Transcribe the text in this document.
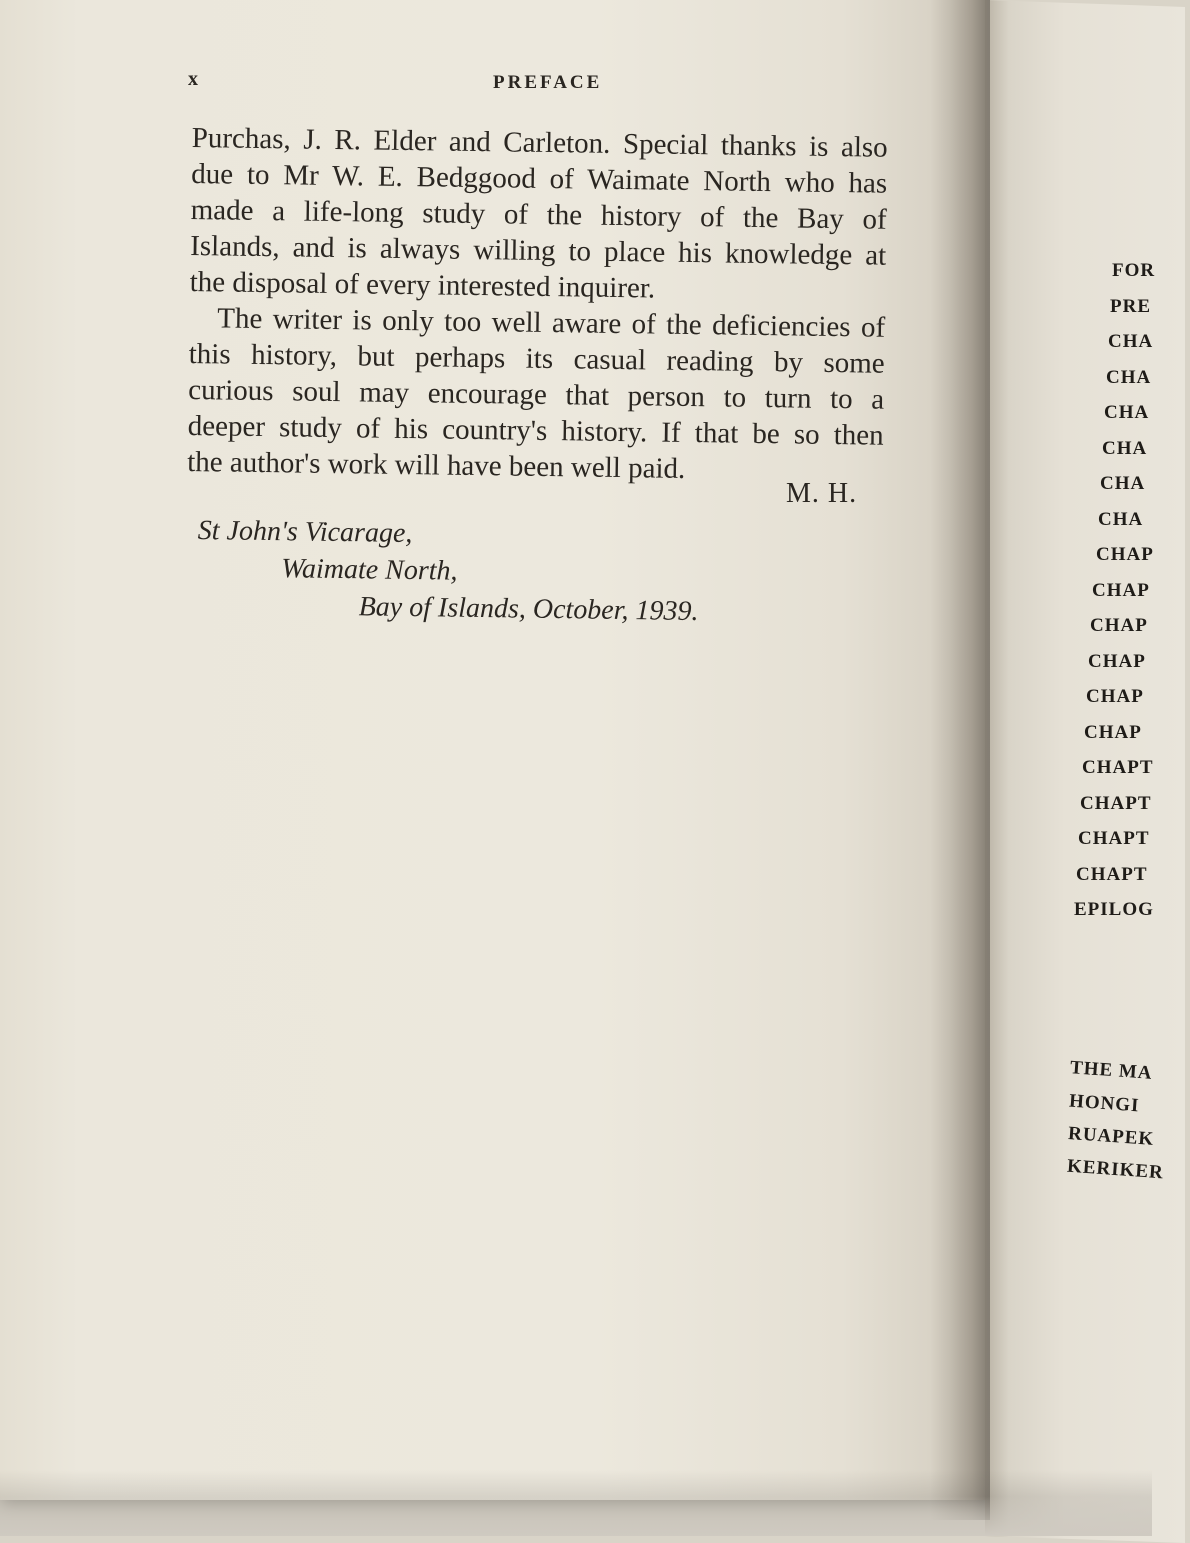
x	PREFACE
Purchas, J. R. Elder and Carleton. Special thanks is also
due to Mr W. E. Bedggood of Waimate North who has
made a life-long study of the history of the Bay of
Islands, and is always willing to place his knowledge at
the disposal of every interested inquirer.
The writer is only too well aware of the deficiencies of
this history, but perhaps its casual reading by some
curious soul may encourage that person to turn to a
deeper study of his country's history. If that be so then
the author's work will have been well paid.
M. H.
St John's Vicarage,
Waimate North,
Bay of Islands, October, 1939.
FOR
PRE
CHA
CHA
CHA
CHA
CHA
CHA
CHAP
CHAP
CHAP
CHAP
CHAP
CHAP
CHAPT
CHAPT
CHAPT
CHAPT
EPILOG
THE MA
HONGI
RUAPEK
KERIKER
